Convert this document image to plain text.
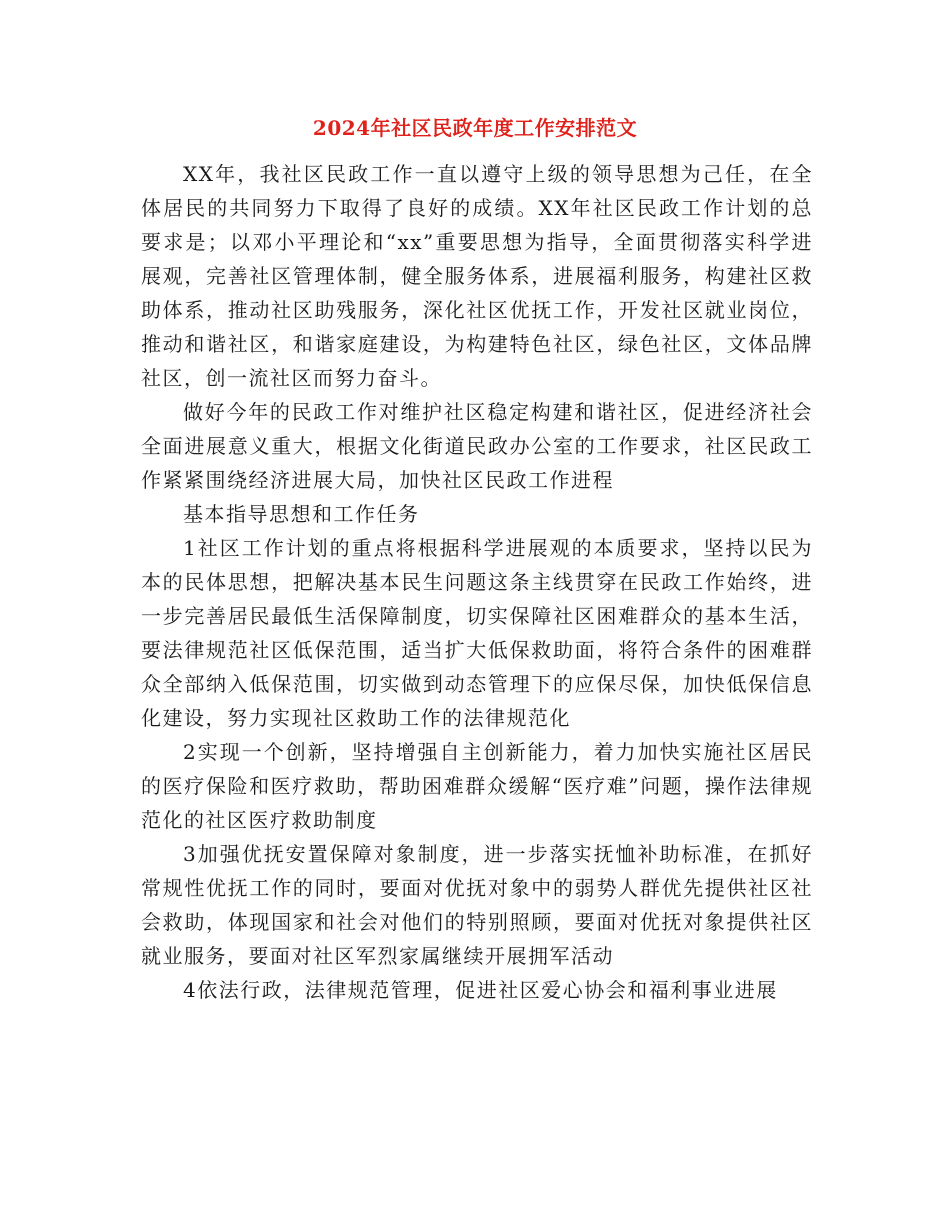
2024年社区民政年度工作安排范文

XX年，我社区民政工作一直以遵守上级的领导思想为己任，在全体居民的共同努力下取得了良好的成绩。XX年社区民政工作计划的总要求是；以邓小平理论和“xx”重要思想为指导，全面贯彻落实科学进展观，完善社区管理体制，健全服务体系，进展福利服务，构建社区救助体系，推动社区助残服务，深化社区优抚工作，开发社区就业岗位，推动和谐社区，和谐家庭建设，为构建特色社区，绿色社区，文体品牌社区，创一流社区而努力奋斗。

做好今年的民政工作对维护社区稳定构建和谐社区，促进经济社会全面进展意义重大，根据文化街道民政办公室的工作要求，社区民政工作紧紧围绕经济进展大局，加快社区民政工作进程

基本指导思想和工作任务

1社区工作计划的重点将根据科学进展观的本质要求，坚持以民为本的民体思想，把解决基本民生问题这条主线贯穿在民政工作始终，进一步完善居民最低生活保障制度，切实保障社区困难群众的基本生活，要法律规范社区低保范围，适当扩大低保救助面，将符合条件的困难群众全部纳入低保范围，切实做到动态管理下的应保尽保，加快低保信息化建设，努力实现社区救助工作的法律规范化

2实现一个创新，坚持增强自主创新能力，着力加快实施社区居民的医疗保险和医疗救助，帮助困难群众缓解“医疗难”问题，操作法律规范化的社区医疗救助制度

3加强优抚安置保障对象制度，进一步落实抚恤补助标准，在抓好常规性优抚工作的同时，要面对优抚对象中的弱势人群优先提供社区社会救助，体现国家和社会对他们的特别照顾，要面对优抚对象提供社区就业服务，要面对社区军烈家属继续开展拥军活动

4依法行政，法律规范管理，促进社区爱心协会和福利事业进展
